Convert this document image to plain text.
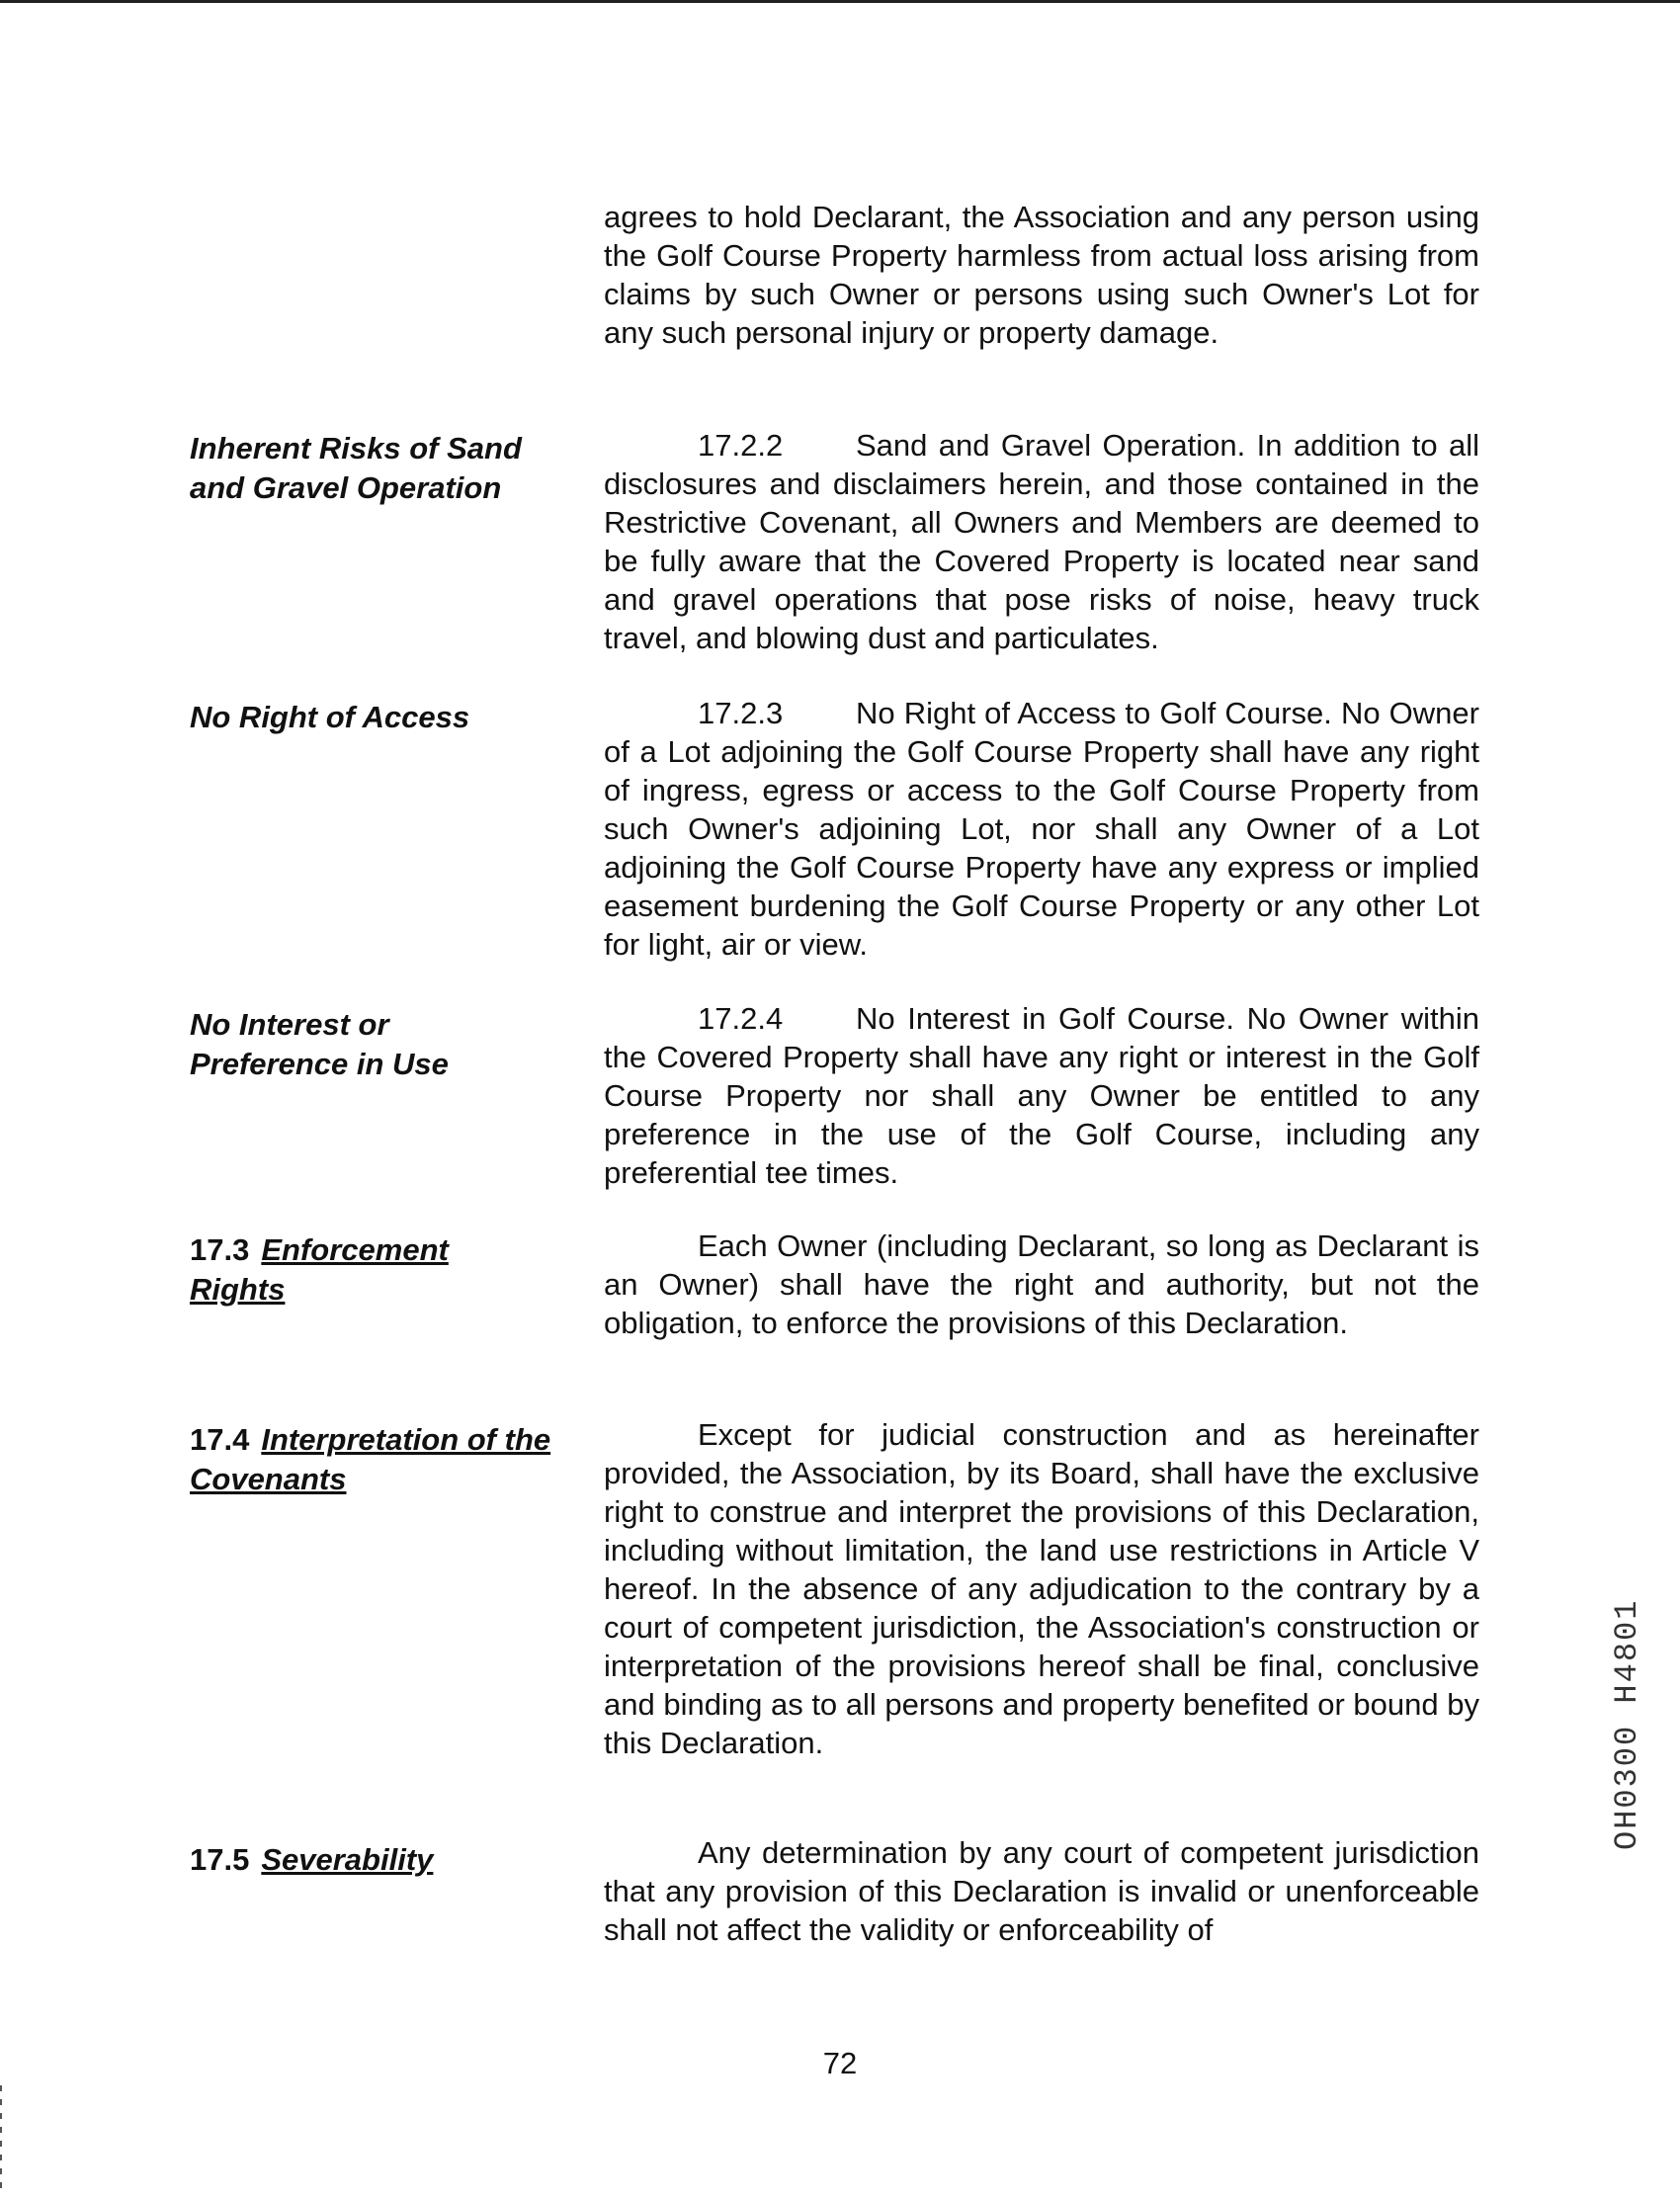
agrees to hold Declarant, the Association and any person using the Golf Course Property harmless from actual loss arising from claims by such Owner or persons using such Owner's Lot for any such personal injury or property damage.
Inherent Risks of Sand and Gravel Operation
17.2.2 Sand and Gravel Operation. In addition to all disclosures and disclaimers herein, and those contained in the Restrictive Covenant, all Owners and Members are deemed to be fully aware that the Covered Property is located near sand and gravel operations that pose risks of noise, heavy truck travel, and blowing dust and particulates.
No Right of Access	17.2.3 No Right of Access to Golf Course. No Owner of a Lot adjoining the Golf Course Property shall have any right of ingress, egress or access to the Golf Course Property from such Owner's adjoining Lot, nor shall any Owner of a Lot adjoining the Golf Course Property have any express or implied easement burdening the Golf Course Property or any other Lot for light, air or view.
No Interest or Preference in Use
17.2.4 No Interest in Golf Course. No Owner within the Covered Property shall have any right or interest in the Golf Course Property nor shall any Owner be entitled to any preference in the use of the Golf Course, including any preferential tee times.
17.3 Enforcement Rights
Each Owner (including Declarant, so long as Declarant is an Owner) shall have the right and authority, but not the obligation, to enforce the provisions of this Declaration.
17.4 Interpretation of the Covenants
Except for judicial construction and as hereinafter provided, the Association, by its Board, shall have the exclusive right to construe and interpret the provisions of this Declaration, including without limitation, the land use restrictions in Article V hereof. In the absence of any adjudication to the contrary by a court of competent jurisdiction, the Association's construction or interpretation of the provisions hereof shall be final, conclusive and binding as to all persons and property benefited or bound by this Declaration.
17.5 Severability	Any determination by any court of competent jurisdiction that any provision of this Declaration is invalid or unenforceable shall not affect the validity or enforceability of
72
OH0300 H4801
